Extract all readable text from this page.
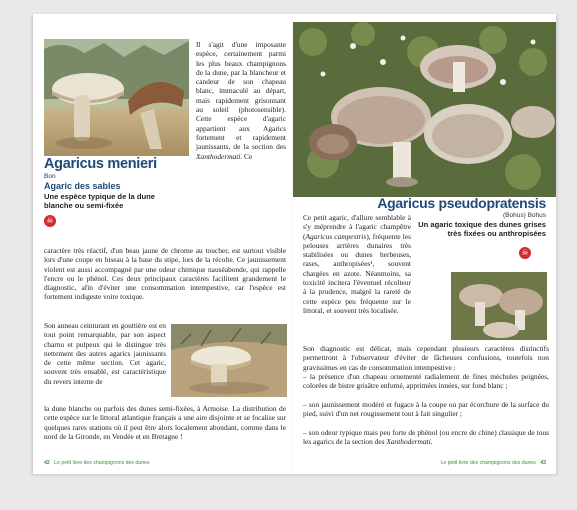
Il s'agit d'une imposante espèce, certainement parmi les plus beaux champignons de la dune, par la blancheur et candeur de son chapeau blanc, immaculé au départ, mais rapidement grisonnant au soleil (photosensible). Cette espèce d'agaric appartient aux Agarics fortement et rapidement jaunissants, de la section des Xanthodermati. Ce

Agaricus menieri

Bon

Agaric des sables

Une espèce typique de la dune blanche ou semi-fixée

☠

caractère très réactif, d'un beau jaune de chrome au toucher, est surtout visible lors d'une coupe en biseau à la base du stipe, lors de la récolte. Ce jaunissement violent est aussi accompagné par une odeur chimique nauséabonde, qui rappelle l'encre ou le phénol. Ces deux principaux caractères facilitent grandement le diagnostic, afin d'éviter une consommation intempestive, car l'espèce est fortement indigeste voire toxique.

Son anneau ceinturant en gouttière est en tout point remarquable, par son aspect charnu et pulpeux qui le distingue très nettement des autres agarics jaunissants de cette même section. Cet agaric, souvent très ensablé, est caractéristique du revers interne de

la dune blanche ou parfois des dunes semi-fixées, à Armoise. La distribution de cette espèce sur le littoral atlantique français a une aire disjointe et se focalise sur quelques rares stations où il peut être alors localement abondant, comme dans le nord de la Gironde, en Vendée et en Bretagne !

42 Le petit livre des champignons des dunes

Agaricus pseudopratensis

(Bohus) Bohus

Un agaric toxique des dunes grises très fixées ou anthropisées

☠

Ce petit agaric, d'allure semblable à s'y méprendre à l'agaric champêtre (Agaricus campestris), fréquente les pelouses arrières dunaires très stabilisées ou dunes herbeuses, rases, anthropisées¹, souvent chargées en azote. Néanmoins, sa toxicité incitera l'éventuel récolteur à la prudence, malgré la rareté de cette espèce peu fréquente sur le littoral, et souvent très localisée.

Son diagnostic est délicat, mais cependant plusieurs caractères distinctifs permettront à l'observateur d'éviter de fâcheuses confusions, toutefois non gravissimes en cas de consommation intempestive :

– la présence d'un chapeau ornementé radialement de fines mèchules peignées, colorées de bistre grisâtre enfumé, apprimées innées, sur fond blanc ;

– son jaunissement modéré et fugace à la coupe ou par écorchure de la surface du pied, suivi d'un net rougissement tout à fait singulier ;

– son odeur typique mais peu forte de phénol (ou encre de chine) classique de tous les agarics de la section des Xanthodermati.

Le petit livre des champignons des dunes 43
